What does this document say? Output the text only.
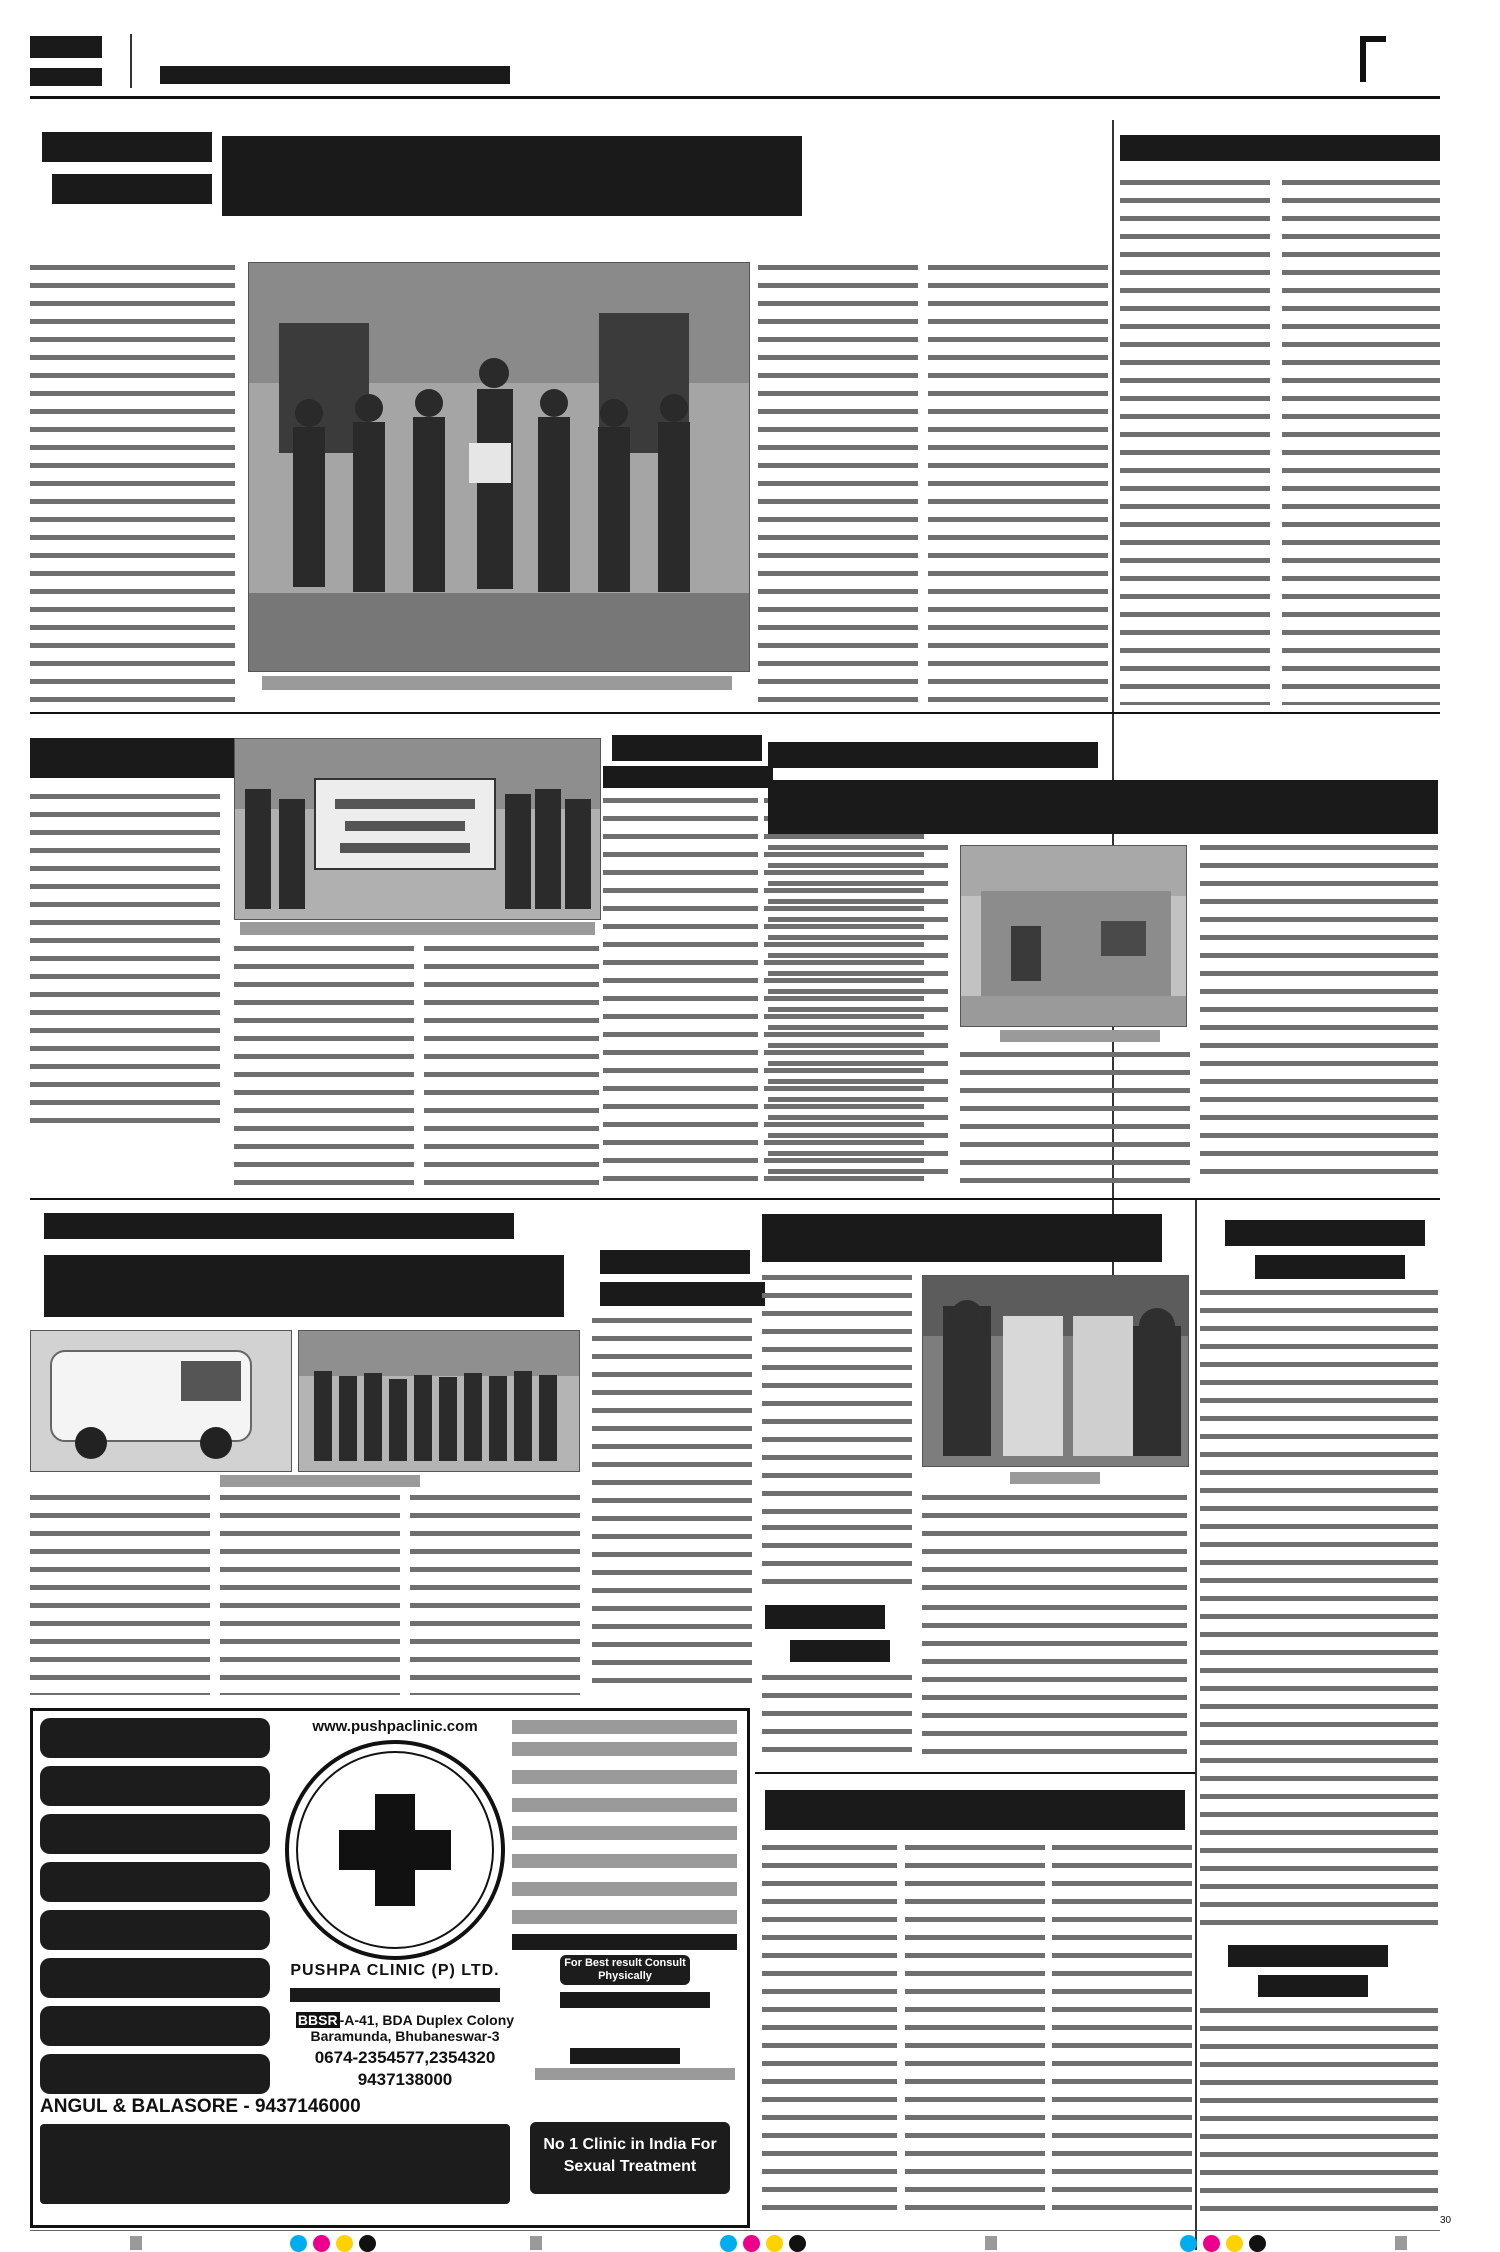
www.pushpaclinic.com
PUSHPA CLINIC (P) LTD.	For Best result Consult Physically
BBSR -A-41, BDA Duplex Colony
Baramunda, Bhubaneswar-3
0674-2354577,2354320
9437138000
ANGUL & BALASORE - 9437146000
No 1 Clinic in India For Sexual Treatment
30
